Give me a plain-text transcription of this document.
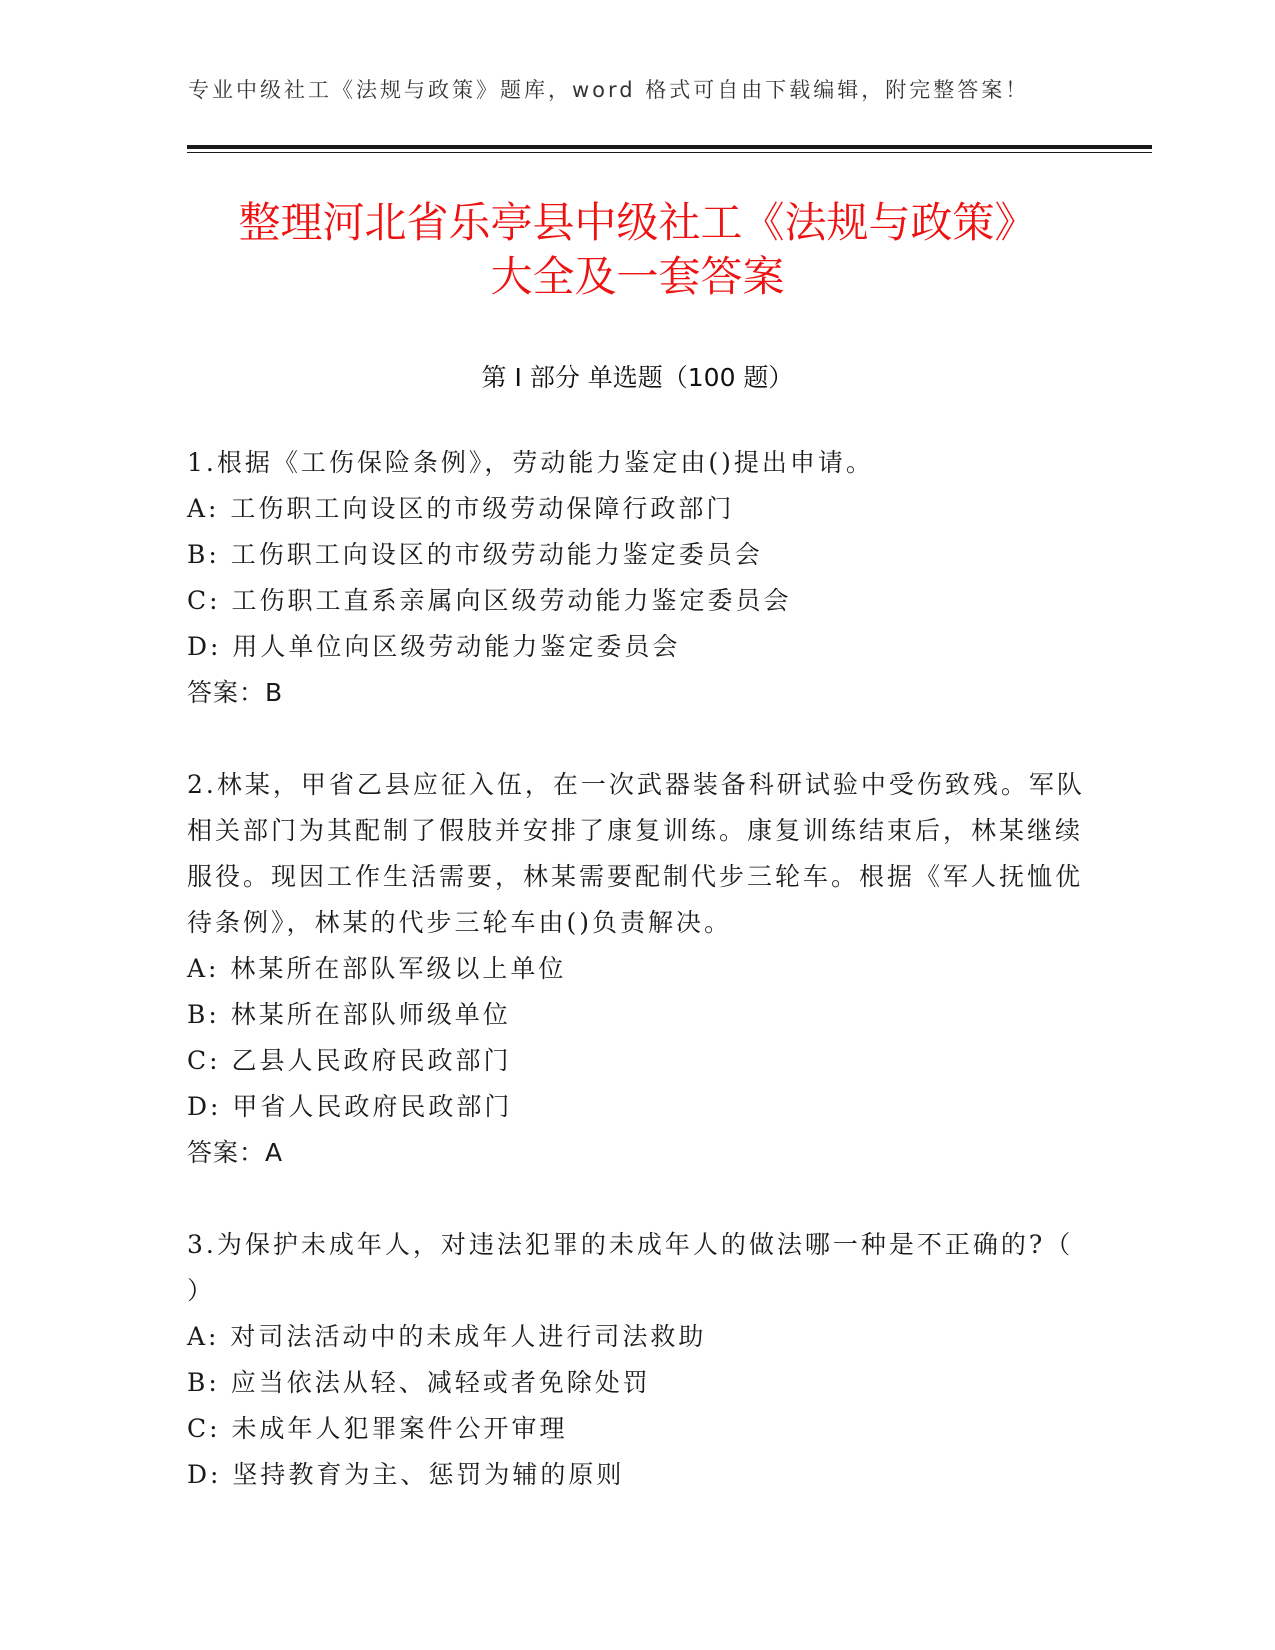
专业中级社工《法规与政策》题库，word 格式可自由下载编辑，附完整答案！
整理河北省乐亭县中级社工《法规与政策》
大全及一套答案
第 I 部分 单选题（100 题）

1.根据《工伤保险条例》，劳动能力鉴定由()提出申请。

A: 工伤职工向设区的市级劳动保障行政部门
B: 工伤职工向设区的市级劳动能力鉴定委员会
C: 工伤职工直系亲属向区级劳动能力鉴定委员会
D: 用人单位向区级劳动能力鉴定委员会
答案：B

2.林某，甲省乙县应征入伍，在一次武器装备科研试验中受伤致残。军队相关部门为其配制了假肢并安排了康复训练。康复训练结束后，林某继续服役。现因工作生活需要，林某需要配制代步三轮车。根据《军人抚恤优待条例》，林某的代步三轮车由()负责解决。

A: 林某所在部队军级以上单位
B: 林某所在部队师级单位
C: 乙县人民政府民政部门
D: 甲省人民政府民政部门
答案：A

3.为保护未成年人，对违法犯罪的未成年人的做法哪一种是不正确的?（ ）

A: 对司法活动中的未成年人进行司法救助
B: 应当依法从轻、减轻或者免除处罚
C: 未成年人犯罪案件公开审理
D: 坚持教育为主、惩罚为辅的原则
